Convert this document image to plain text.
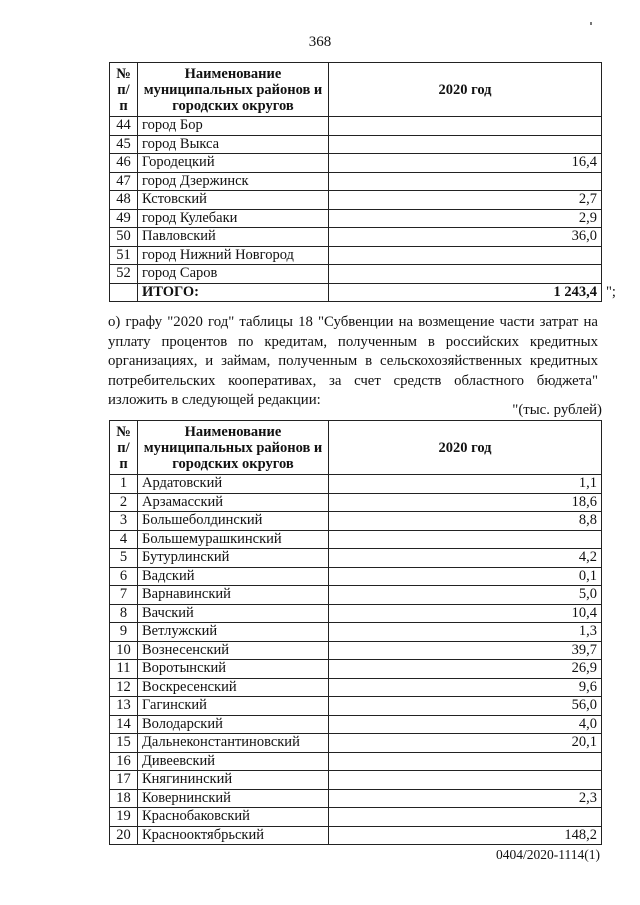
368
№ п/п	Наименование муниципальных районов и городских округов	2020 год
44	город Бор	
45	город Выкса	
46	Городецкий	16,4
47	город Дзержинск	
48	Кстовский	2,7
49	город Кулебаки	2,9
50	Павловский	36,0
51	город Нижний Новгород	
52	город Саров	
	ИТОГО:	1 243,4 ";
о) графу "2020 год" таблицы 18 "Субвенции на возмещение части затрат на уплату процентов по кредитам, полученным в российских кредитных организациях, и займам, полученным в сельскохозяйственных кредитных потребительских кооперативах, за счет средств областного бюджета" изложить в следующей редакции:
"(тыс. рублей)
№ п/п	Наименование муниципальных районов и городских округов	2020 год
1	Ардатовский	1,1
2	Арзамасский	18,6
3	Большеболдинский	8,8
4	Большемурашкинский	
5	Бутурлинский	4,2
6	Вадский	0,1
7	Варнавинский	5,0
8	Вачский	10,4
9	Ветлужский	1,3
10	Вознесенский	39,7
11	Воротынский	26,9
12	Воскресенский	9,6
13	Гагинский	56,0
14	Володарский	4,0
15	Дальнеконстантиновский	20,1
16	Дивеевский	
17	Княгининский	
18	Ковернинский	2,3
19	Краснобаковский	
20	Краснооктябрьский	148,2
0404/2020-1114(1)
